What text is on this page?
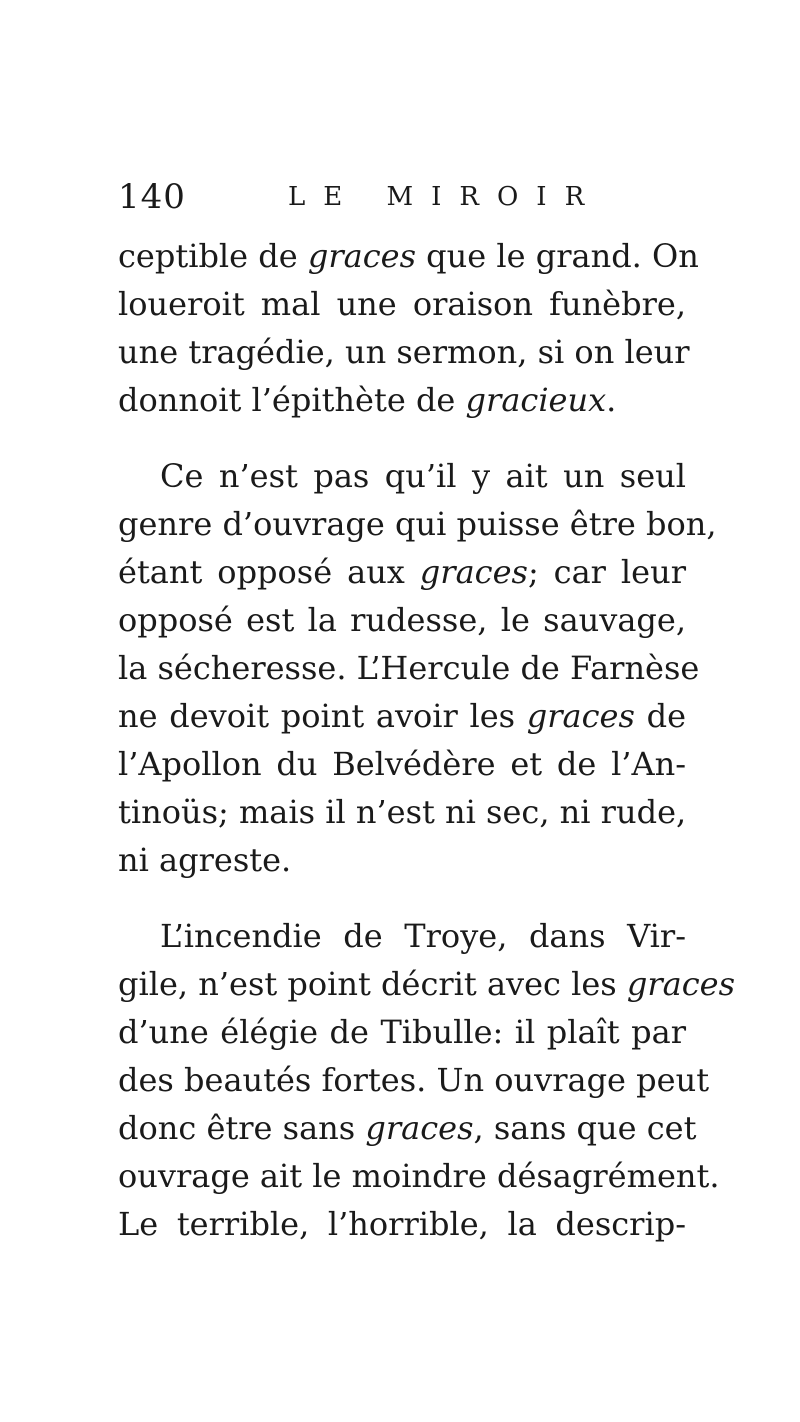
140	LE MIROIR
ceptible de graces que le grand. On
loueroit mal une oraison funèbre,
une tragédie, un sermon, si on leur
donnoit l’épithète de gracieux.
Ce n’est pas qu’il y ait un seul
genre d’ouvrage qui puisse être bon,
étant opposé aux graces; car leur
opposé est la rudesse, le sauvage,
la sécheresse. L’Hercule de Farnèse
ne devoit point avoir les graces de
l’Apollon du Belvédère et de l’An-
tinoüs; mais il n’est ni sec, ni rude,
ni agreste.
L’incendie de Troye, dans Vir-
gile, n’est point décrit avec les graces
d’une élégie de Tibulle: il plaît par
des beautés fortes. Un ouvrage peut
donc être sans graces, sans que cet
ouvrage ait le moindre désagrément.
Le terrible, l’horrible, la descrip-
